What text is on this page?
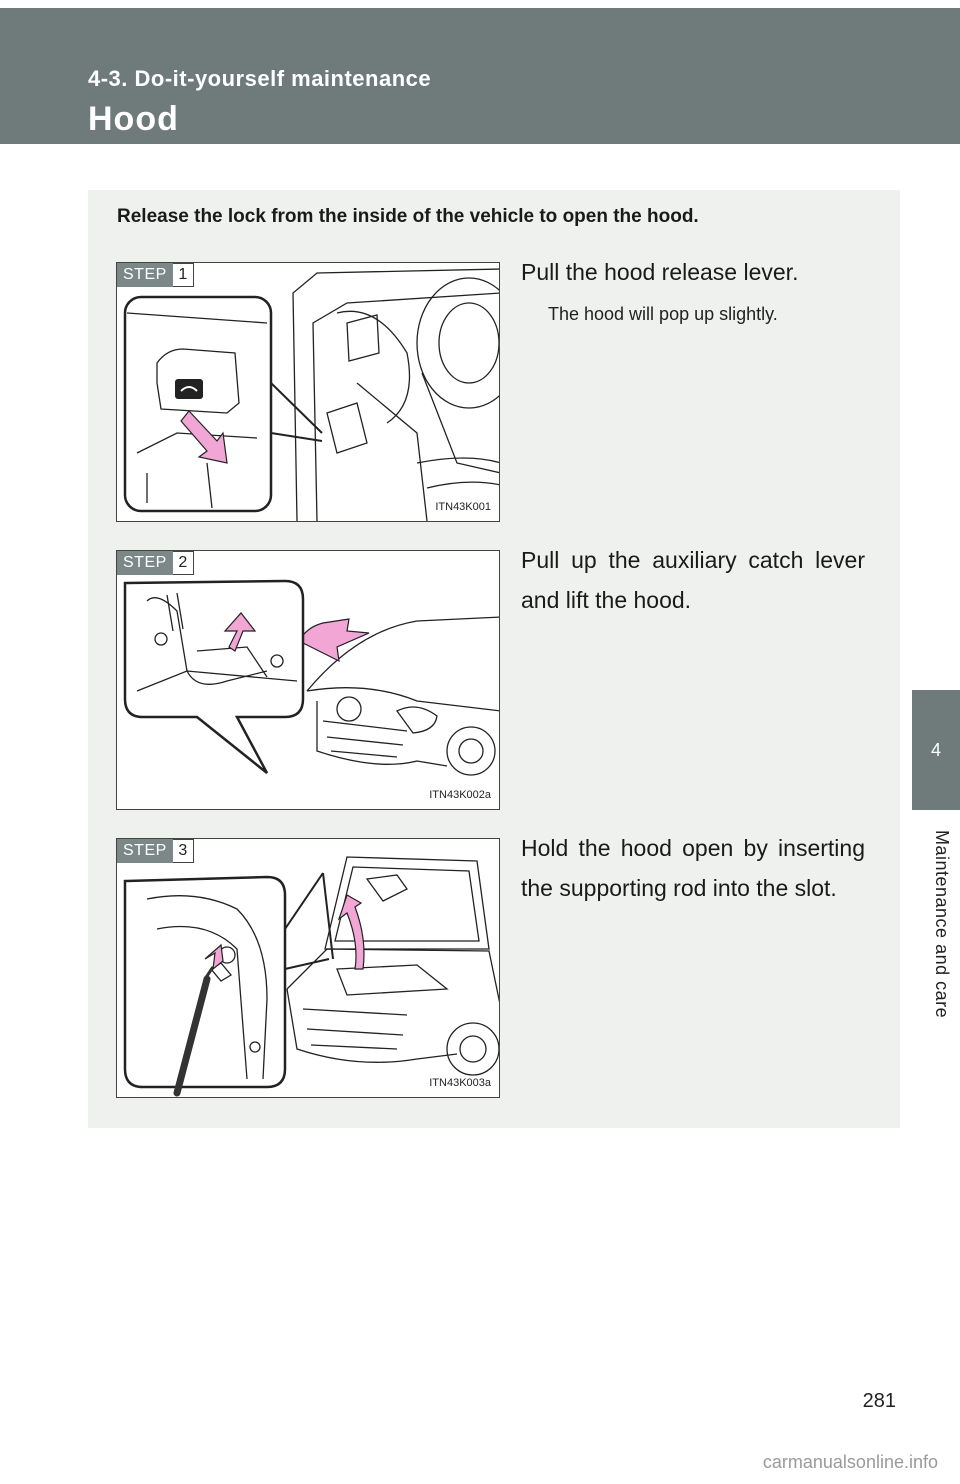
4-3. Do-it-yourself maintenance
Hood
4
Maintenance and care
Release the lock from the inside of the vehicle to open the hood.
STEP 1
ITN43K001
Pull the hood release lever.
The hood will pop up slightly.
STEP 2
ITN43K002a
Pull up the auxiliary catch lever and lift the hood.
STEP 3
ITN43K003a
Hold the hood open by inserting the supporting rod into the slot.
281
carmanualsonline.info
